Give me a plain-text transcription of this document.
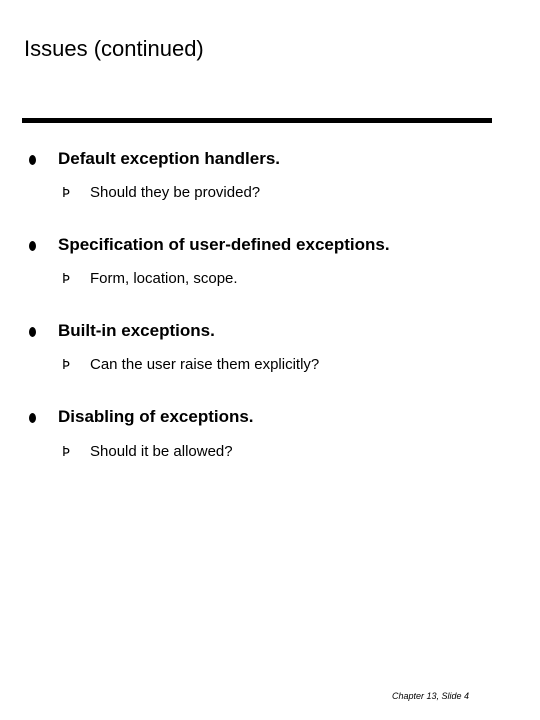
Issues (continued)
Default exception handlers.
Þ Should they be provided?
Specification of user-defined exceptions.
Þ Form, location, scope.
Built-in exceptions.
Þ Can the user raise them explicitly?
Disabling of exceptions.
Þ Should it be allowed?
Chapter 13, Slide 4
